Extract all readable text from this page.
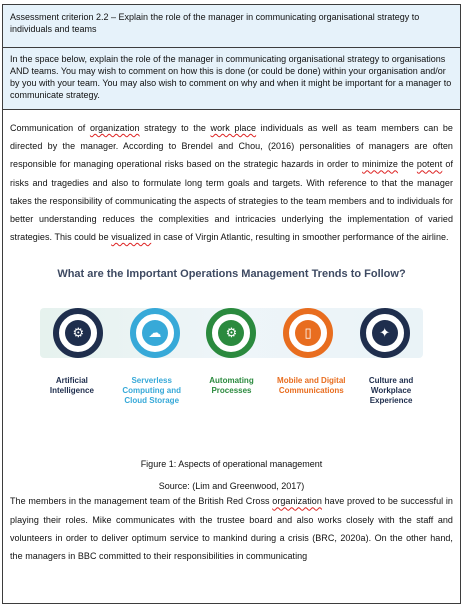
Assessment criterion 2.2 – Explain the role of the manager in communicating organisational strategy to individuals and teams
In the space below, explain the role of the manager in communicating organisational strategy to organisations AND teams. You may wish to comment on how this is done (or could be done) within your organisation and/or by you with your team. You may also wish to comment on why and when it might be important for a manager to communicate strategy.

Communication of organization strategy to the work place individuals as well as team members can be directed by the manager. According to Brendel and Chou, (2016) personalities of managers are often responsible for managing operational risks based on the strategic hazards in order to minimize the potent of risks and tragedies and also to formulate long term goals and targets. With reference to that the manager takes the responsibility of communicating the aspects of strategies to the team members and to individuals for better understanding reduces the complexities and intricacies underlying the implementation of varied strategies. This could be visualized in case of Virgin Atlantic, resulting in smoother performance of the airline.

What are the Important Operations Management Trends to Follow?

⚙	☁	⚙	▯	✦
Artificial Intelligence
Serverless Computing and Cloud Storage
Automating Processes
Mobile and Digital Communications
Culture and Workplace Experience

Figure 1: Aspects of operational management

Source: (Lim and Greenwood, 2017)

The members in the management team of the British Red Cross organization have proved to be successful in playing their roles. Mike communicates with the trustee board and also works closely with the staff and volunteers in order to deliver optimum service to mankind during a crisis (BRC, 2020a). On the other hand, the managers in BBC committed to their responsibilities in communicating
